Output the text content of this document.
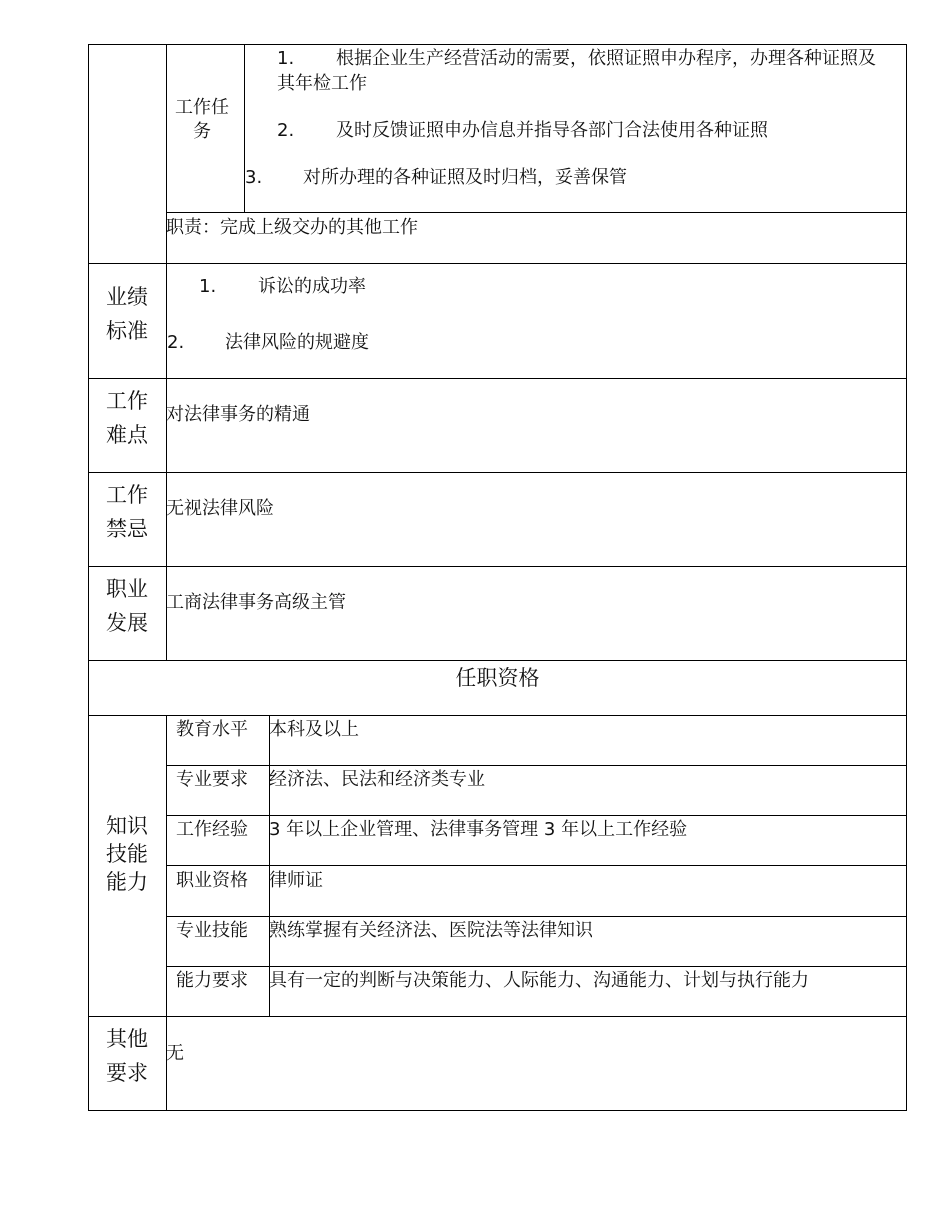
工作任务
1. 根据企业生产经营活动的需要，依照证照申办程序，办理各种证照及
其年检工作
2. 及时反馈证照申办信息并指导各部门合法使用各种证照
3. 对所办理的各种证照及时归档，妥善保管
职责：完成上级交办的其他工作
业绩标准
1. 诉讼的成功率
2. 法律风险的规避度
工作难点
对法律事务的精通
工作禁忌
无视法律风险
职业发展
工商法律事务高级主管
任职资格
知识技能能力
教育水平 本科及以上
专业要求 经济法、民法和经济类专业
工作经验 3 年以上企业管理、法律事务管理 3 年以上工作经验
职业资格 律师证
专业技能 熟练掌握有关经济法、医院法等法律知识
能力要求 具有一定的判断与决策能力、人际能力、沟通能力、计划与执行能力
其他要求
无
